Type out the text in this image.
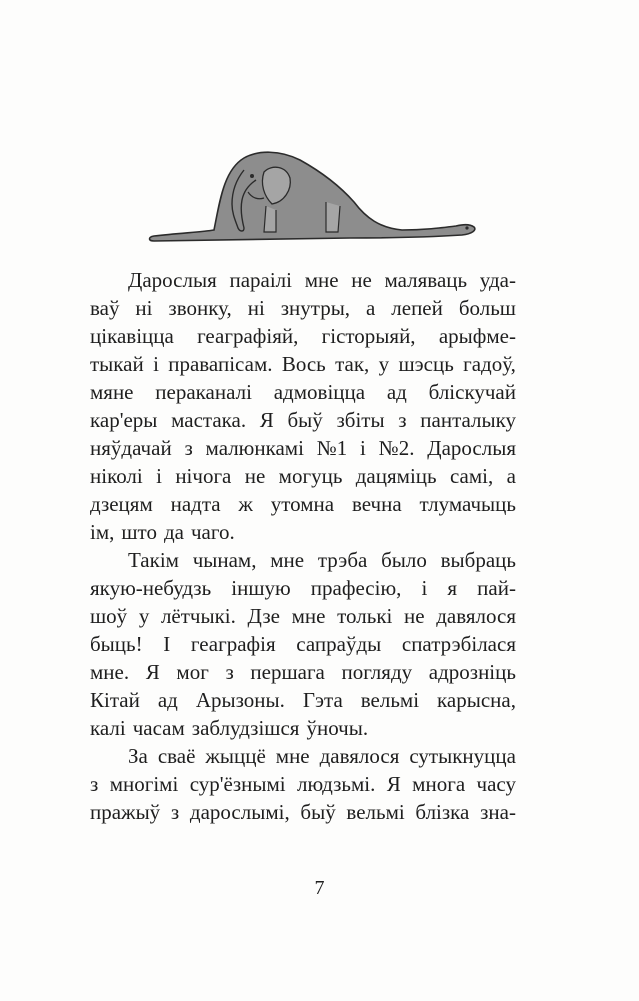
Дарослыя параілі мне не маляваць уда-
ваў ні звонку, ні знутры, а лепей больш
цікавіцца геаграфіяй, гісторыяй, арыфме-
тыкай і правапісам. Вось так, у шэсць гадоў,
мяне пераканалі адмовіцца ад бліскучай
кар'еры мастака. Я быў збіты з панталыку
няўдачай з малюнкамі №1 і №2. Дарослыя
ніколі і нічога не могуць дацяміць самі, а
дзецям надта ж утомна вечна тлумачыць
ім, што да чаго.
Такім чынам, мне трэба было выбраць
якую-небудзь іншую прафесію, і я пай-
шоў у лётчыкі. Дзе мне толькі не давялося
быць! І геаграфія сапраўды спатрэбілася
мне. Я мог з першага погляду адрозніць
Кітай ад Арызоны. Гэта вельмі карысна,
калі часам заблудзішся ўночы.
За сваё жыццё мне давялося сутыкнуцца
з многімі сур'ёзнымі людзьмі. Я многа часу
пражыў з дарослымі, быў вельмі блізка зна-
7
